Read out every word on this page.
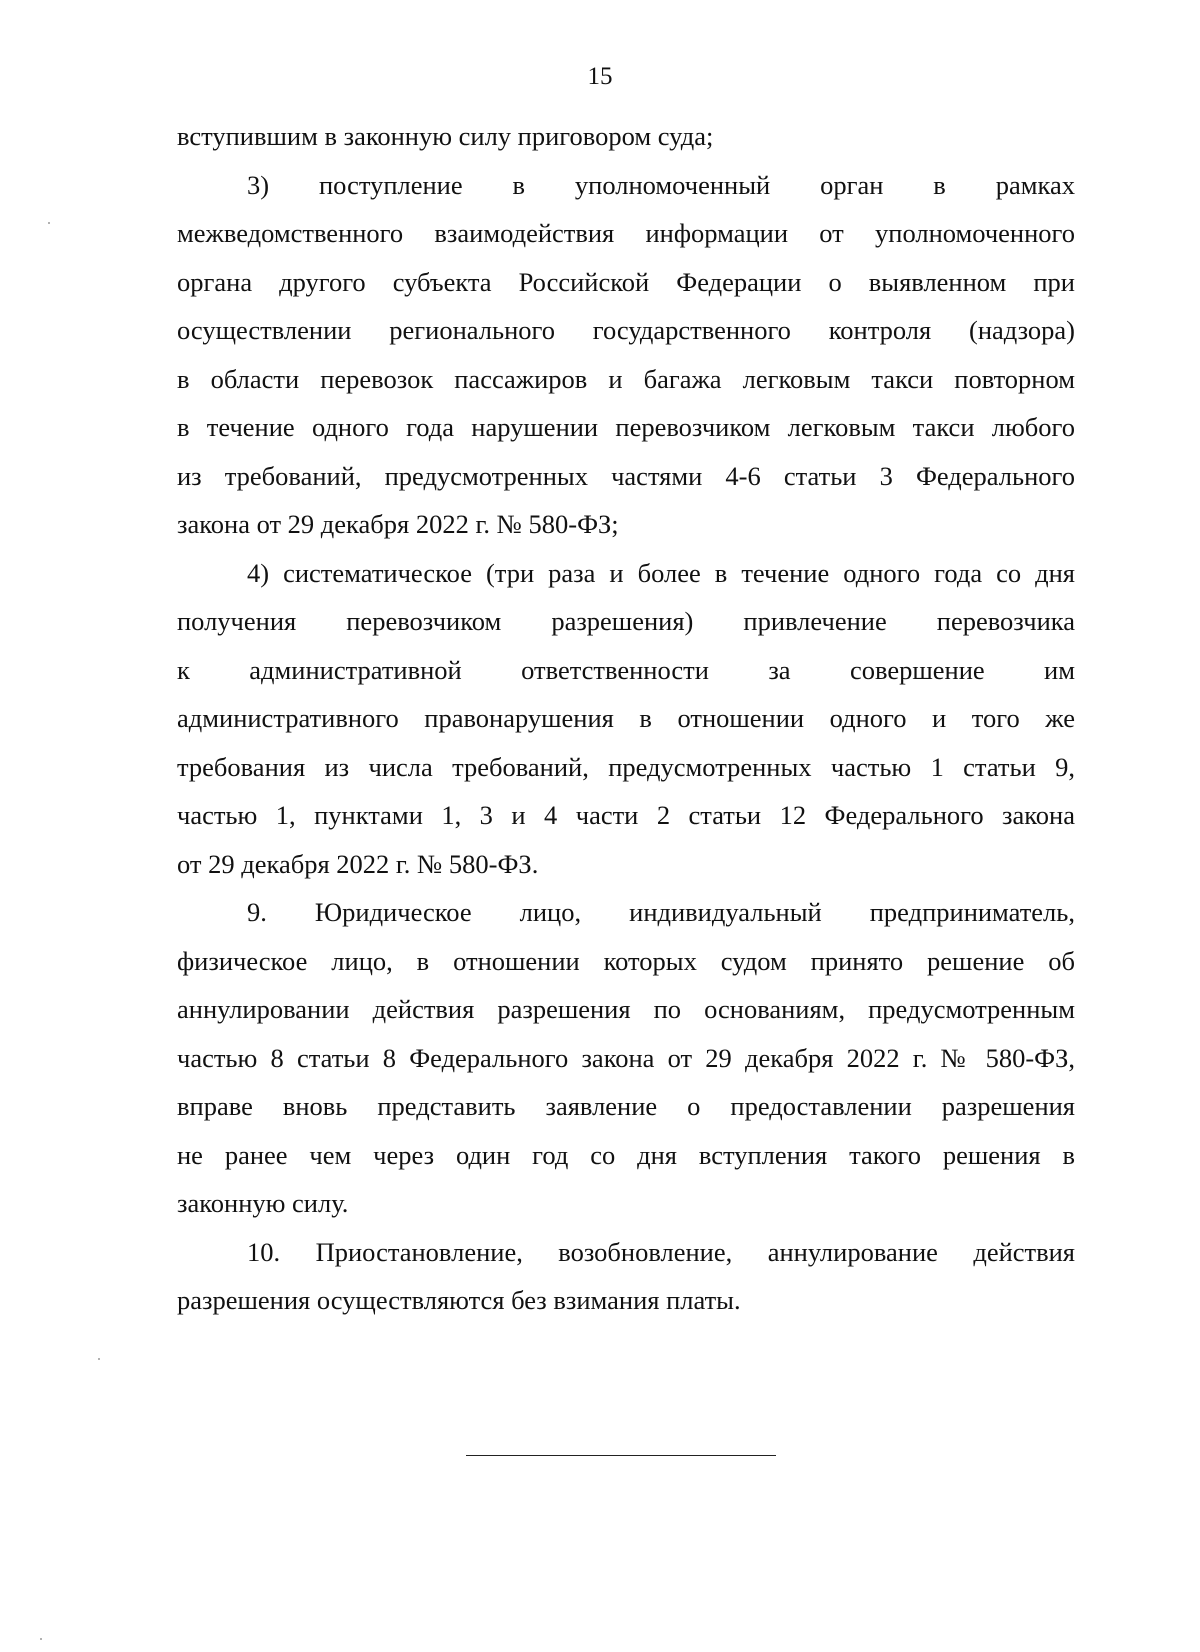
15
вступившим в законную силу приговором суда;
3)   поступление   в   уполномоченный   орган   в   рамках
межведомственного взаимодействия информации от уполномоченного
органа другого субъекта Российской Федерации о выявленном при
осуществлении регионального государственного контроля (надзора)
в области перевозок пассажиров и багажа легковым такси повторном
в течение одного года нарушении перевозчиком легковым такси любого
из требований, предусмотренных частями 4-6 статьи 3 Федерального
закона от 29 декабря 2022 г. № 580-ФЗ;
4) систематическое (три раза и более в течение одного года со дня
получения перевозчиком разрешения) привлечение перевозчика
к административной ответственности за совершение им
административного правонарушения в отношении одного и того же
требования из числа требований, предусмотренных частью 1 статьи 9,
частью 1, пунктами 1, 3 и 4 части 2 статьи 12 Федерального закона
от 29 декабря 2022 г. № 580-ФЗ.
9. Юридическое лицо, индивидуальный предприниматель,
физическое лицо, в отношении которых судом принято решение об
аннулировании действия разрешения по основаниям, предусмотренным
частью 8 статьи 8 Федерального закона от 29 декабря 2022 г. № 580-ФЗ,
вправе вновь представить заявление о предоставлении разрешения
не ранее чем через один год со дня вступления такого решения в
законную силу.
10. Приостановление, возобновление, аннулирование действия
разрешения осуществляются без взимания платы.
